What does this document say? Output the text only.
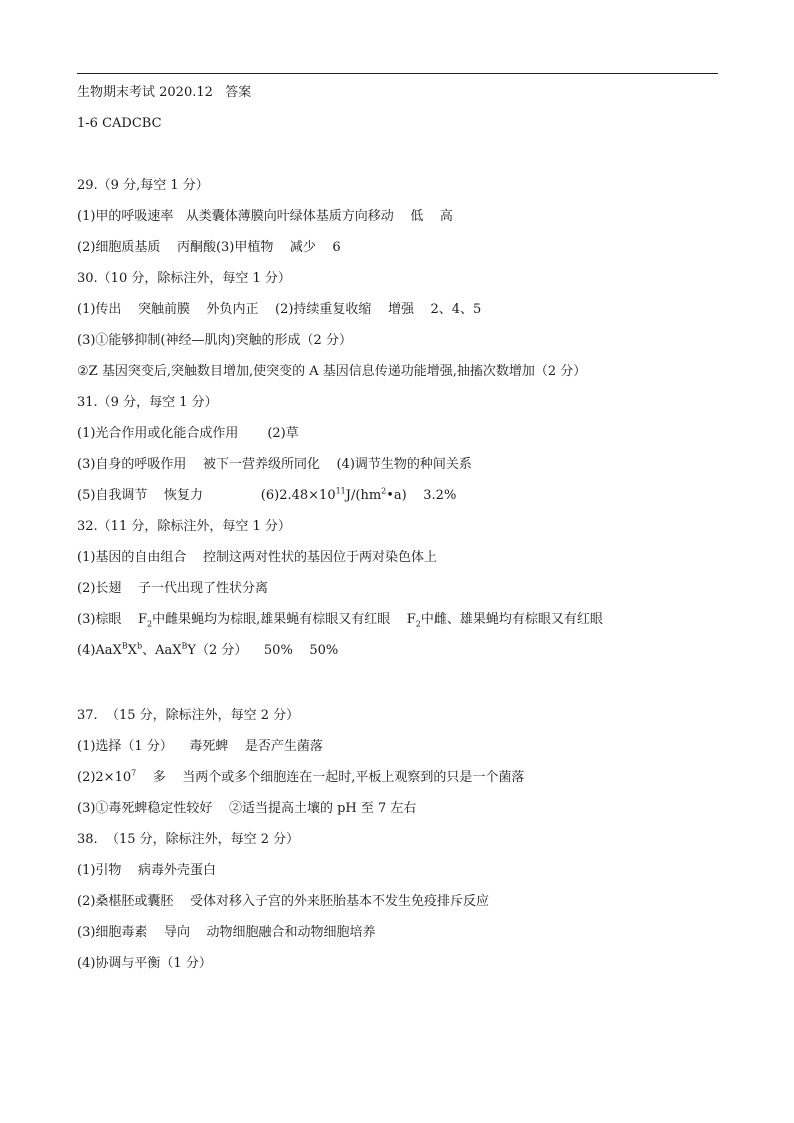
生物期末考试 2020.12   答案
1-6 CADCBC
29.（9 分,每空 1 分）
(1)甲的呼吸速率   从类囊体薄膜向叶绿体基质方向移动    低    高
(2)细胞质基质    丙酮酸(3)甲植物    减少    6
30.（10 分，除标注外，每空 1 分）
(1)传出    突触前膜    外负内正    (2)持续重复收缩    增强    2、4、5
(3)①能够抑制(神经—肌肉)突触的形成（2 分）
②Z 基因突变后,突触数目增加,使突变的 A 基因信息传递功能增强,抽搐次数增加（2 分）
31.（9 分，每空 1 分）
(1)光合作用或化能合成作用       (2)草
(3)自身的呼吸作用    被下一营养级所同化    (4)调节生物的种间关系
(5)自我调节    恢复力              $(6)2.48\times 10^{11}J/(hm^2•a)$    3.2%
32.（11 分，除标注外，每空 1 分）
(1)基因的自由组合    控制这两对性状的基因位于两对染色体上
(2)长翅    子一代出现了性状分离
(3)棕眼    $F_2$中雌果蝇均为棕眼,雄果蝇有棕眼又有红眼    $F_2$中雌、雄果蝇均有棕眼又有红眼
$(4)AaX^BX^b$、AaX$^B$Y（2 分）    50%    50%
37.  （15 分，除标注外，每空 2 分）
(1)选择（1 分）    毒死蜱    是否产生菌落
$(2)2\times 10^7$    多    当两个或多个细胞连在一起时,平板上观察到的只是一个菌落
(3)①毒死蜱稳定性较好    ②适当提高土壤的 pH 至 7 左右
38.  （15 分，除标注外，每空 2 分）
(1)引物    病毒外壳蛋白
(2)桑椹胚或囊胚    受体对移入子宫的外来胚胎基本不发生免疫排斥反应
(3)细胞毒素    导向    动物细胞融合和动物细胞培养
(4)协调与平衡（1 分）
